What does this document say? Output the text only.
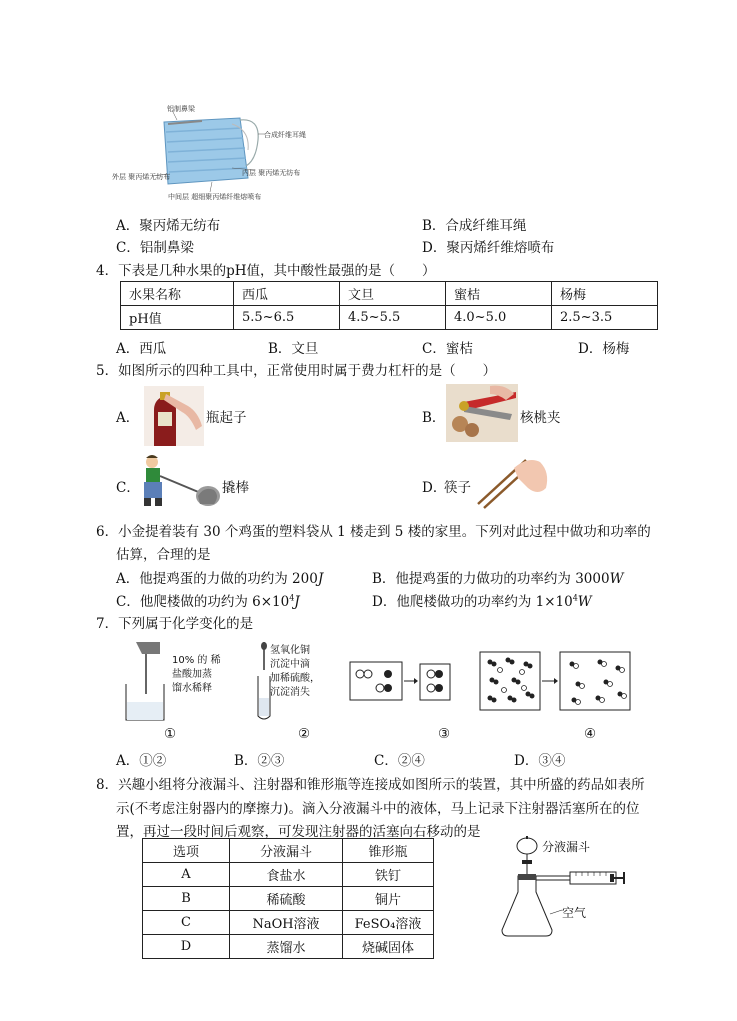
铝制鼻梁
合成纤维耳绳
内层 聚丙烯无纺布
外层 聚丙烯无纺布
中间层 超细聚丙烯纤维熔喷布
A．聚丙烯无纺布	B．合成纤维耳绳
C．铝制鼻梁	D．聚丙烯纤维熔喷布
4．下表是几种水果的pH值，其中酸性最强的是（　　）
水果名称	西瓜	文旦	蜜桔	杨梅
pH值	5.5~6.5	4.5~5.5	4.0~5.0	2.5~3.5
A．西瓜	B．文旦	C．蜜桔	D．杨梅
5．如图所示的四种工具中，正常使用时属于费力杠杆的是（　　）
A．	瓶起子	B．	核桃夹
C．	撬棒	D．
筷子
6．小金提着装有 30 个鸡蛋的塑料袋从 1 楼走到 5 楼的家里。下列对此过程中做功和功率的
估算，合理的是
A．他提鸡蛋的力做的功约为 200J	B．他提鸡蛋的力做功的功率约为 3000W
C．他爬楼做的功约为 $6\times 10^4J$	D．他爬楼做功的功率约为 $1\times 10^4W$
7．下列属于化学变化的是
10% 的 稀
盐酸加蒸
馏水稀释
氢氧化铜
沉淀中滴
加稀硫酸，
沉淀消失
①	②	③	④
A．①②	B．②③	C．②④	D．③④
8．兴趣小组将分液漏斗、注射器和锥形瓶等连接成如图所示的装置，其中所盛的药品如表所
示(不考虑注射器内的摩擦力)。滴入分液漏斗中的液体，马上记录下注射器活塞所在的位
置，再过一段时间后观察，可发现注射器的活塞向右移动的是
选项	分液漏斗	锥形瓶
A	食盐水	铁钉
B	稀硫酸	铜片
C	NaOH溶液	FeSO₄溶液
D	蒸馏水	烧碱固体
分液漏斗
空气
